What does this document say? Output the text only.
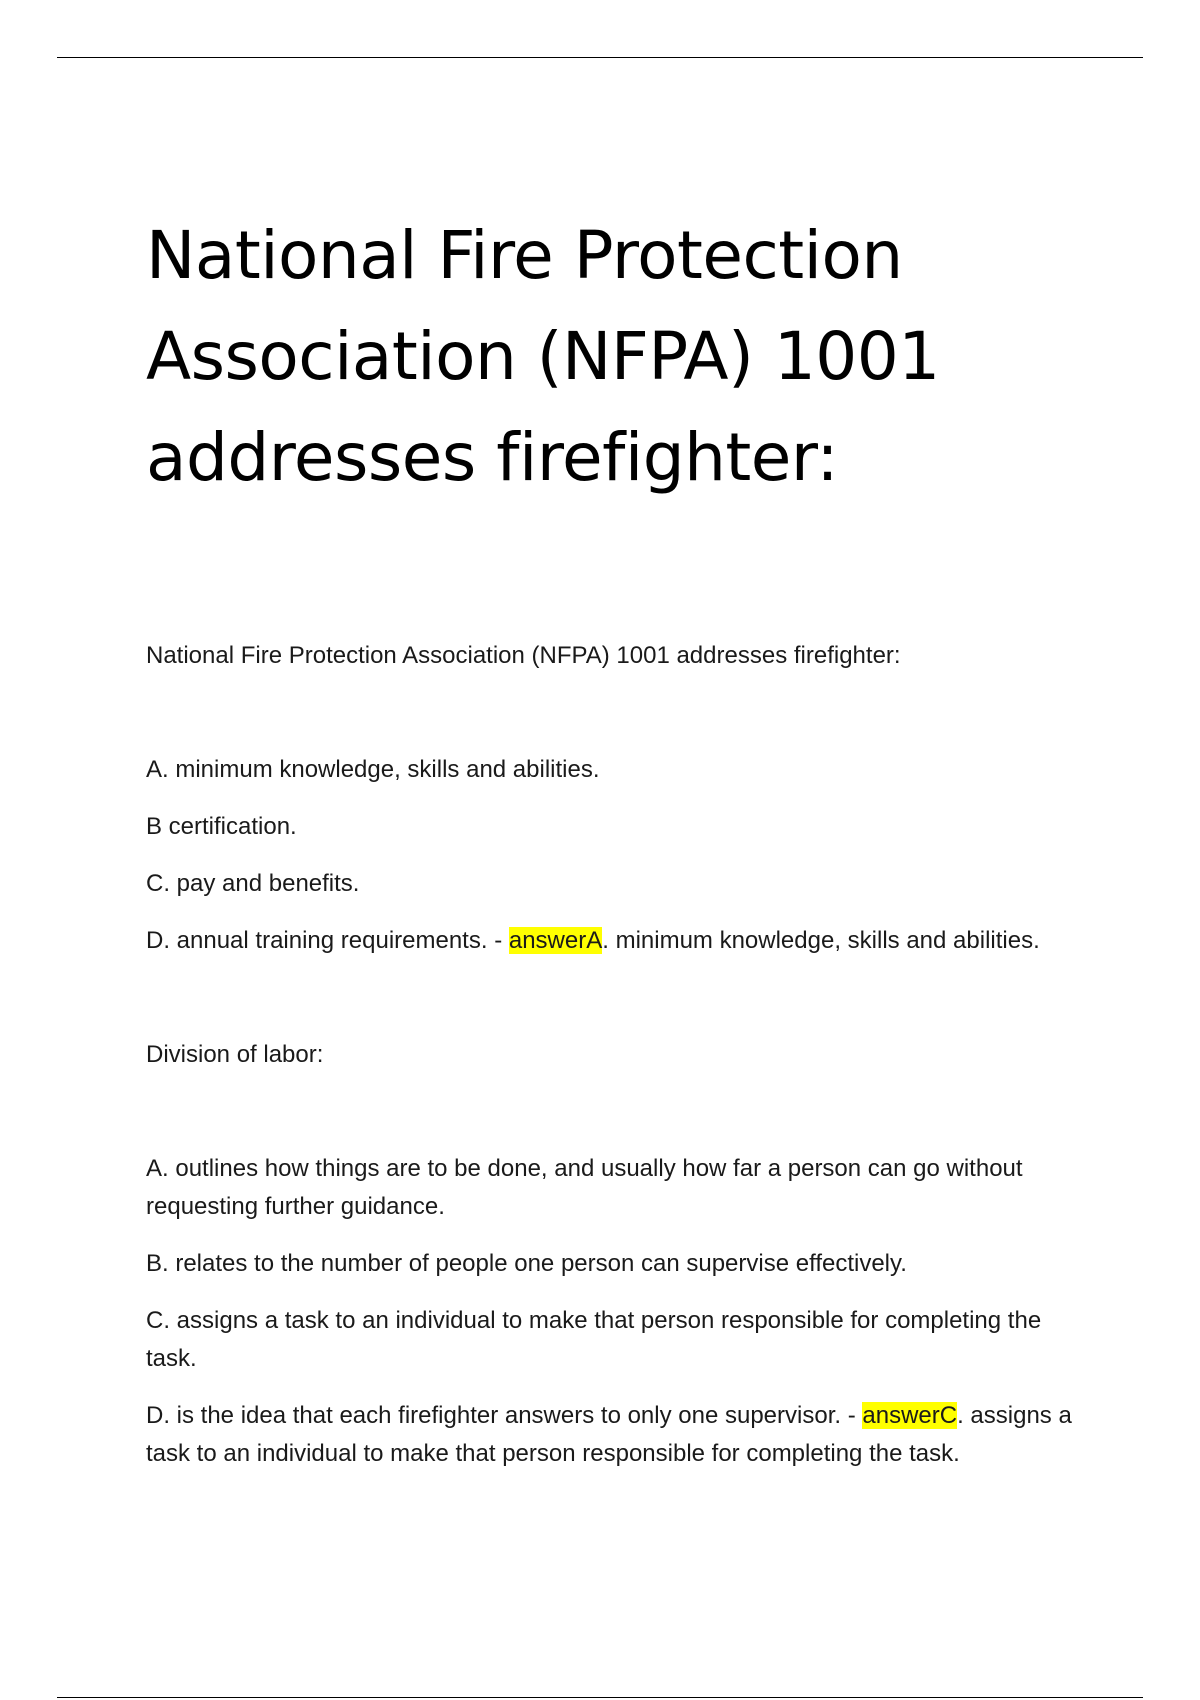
National Fire Protection
Association (NFPA) 1001
addresses firefighter:

National Fire Protection Association (NFPA) 1001 addresses firefighter:

A. minimum knowledge, skills and abilities.

B certification.

C. pay and benefits.

D. annual training requirements. - answerA. minimum knowledge, skills and abilities.

Division of labor:

A. outlines how things are to be done, and usually how far a person can go without requesting further guidance.

B. relates to the number of people one person can supervise effectively.

C. assigns a task to an individual to make that person responsible for completing the task.

D. is the idea that each firefighter answers to only one supervisor. - answerC. assigns a task to an individual to make that person responsible for completing the task.
